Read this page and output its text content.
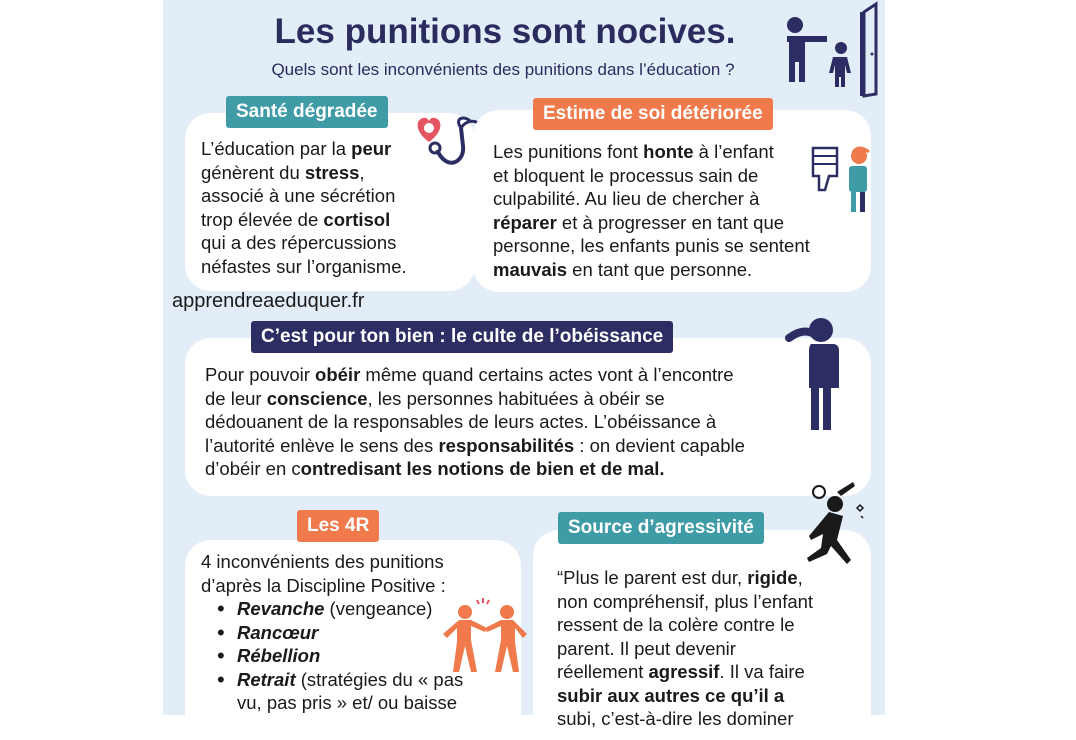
Les punitions sont nocives.
Quels sont les inconvénients des punitions dans l’éducation ?
Santé dégradée
L’éducation par la peur
génèrent du stress,
associé à une sécrétion
trop élevée de cortisol
qui a des répercussions
néfastes sur l’organisme.
apprendreaeduquer.fr
Estime de soi détériorée
Les punitions font honte à l’enfant
et bloquent le processus sain de
culpabilité. Au lieu de chercher à
réparer et à progresser en tant que
personne, les enfants punis se sentent
mauvais en tant que personne.
C’est pour ton bien : le culte de l’obéissance
Pour pouvoir obéir même quand certains actes vont à l’encontre
de leur conscience, les personnes habituées à obéir se
dédouanent de la responsables de leurs actes. L’obéissance à
l’autorité enlève le sens des responsabilités : on devient capable
d’obéir en contredisant les notions de bien et de mal.
Les 4R
4 inconvénients des punitions
d’après la Discipline Positive :
• Revanche (vengeance)
• Rancœur
• Rébellion
• Retrait (stratégies du « pas
vu, pas pris » et/ ou baisse
Source d’agressivité
“Plus le parent est dur, rigide,
non compréhensif, plus l’enfant
ressent de la colère contre le
parent. Il peut devenir
réellement agressif. Il va faire
subir aux autres ce qu’il a
subi, c’est-à-dire les dominer
